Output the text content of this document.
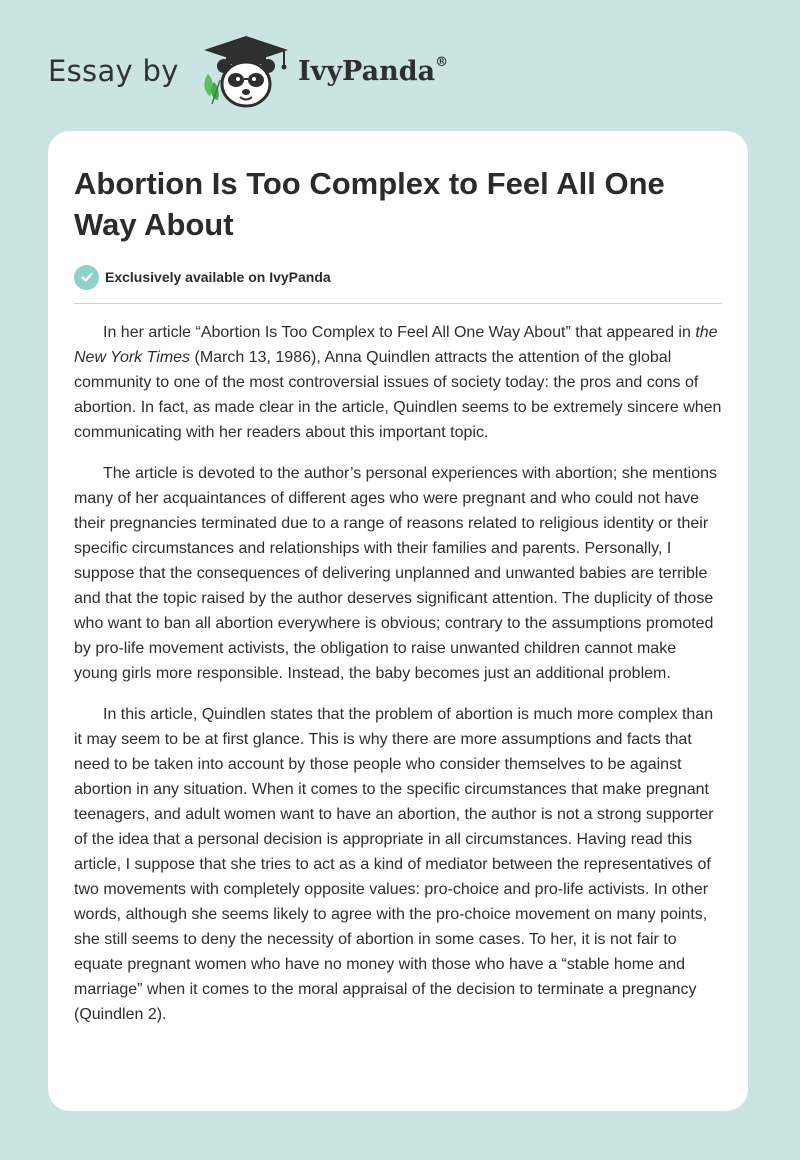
Essay by	IvyPanda®
Abortion Is Too Complex to Feel All One Way About
Exclusively available on IvyPanda

In her article “Abortion Is Too Complex to Feel All One Way About” that appeared in the New York Times (March 13, 1986), Anna Quindlen attracts the attention of the global community to one of the most controversial issues of society today: the pros and cons of abortion. In fact, as made clear in the article, Quindlen seems to be extremely sincere when communicating with her readers about this important topic.

The article is devoted to the author’s personal experiences with abortion; she mentions many of her acquaintances of different ages who were pregnant and who could not have their pregnancies terminated due to a range of reasons related to religious identity or their specific circumstances and relationships with their families and parents. Personally, I suppose that the consequences of delivering unplanned and unwanted babies are terrible and that the topic raised by the author deserves significant attention. The duplicity of those who want to ban all abortion everywhere is obvious; contrary to the assumptions promoted by pro-life movement activists, the obligation to raise unwanted children cannot make young girls more responsible. Instead, the baby becomes just an additional problem.

In this article, Quindlen states that the problem of abortion is much more complex than it may seem to be at first glance. This is why there are more assumptions and facts that need to be taken into account by those people who consider themselves to be against abortion in any situation. When it comes to the specific circumstances that make pregnant teenagers, and adult women want to have an abortion, the author is not a strong supporter of the idea that a personal decision is appropriate in all circumstances. Having read this article, I suppose that she tries to act as a kind of mediator between the representatives of two movements with completely opposite values: pro-choice and pro-life activists. In other words, although she seems likely to agree with the pro-choice movement on many points, she still seems to deny the necessity of abortion in some cases. To her, it is not fair to equate pregnant women who have no money with those who have a “stable home and marriage” when it comes to the moral appraisal of the decision to terminate a pregnancy (Quindlen 2).
